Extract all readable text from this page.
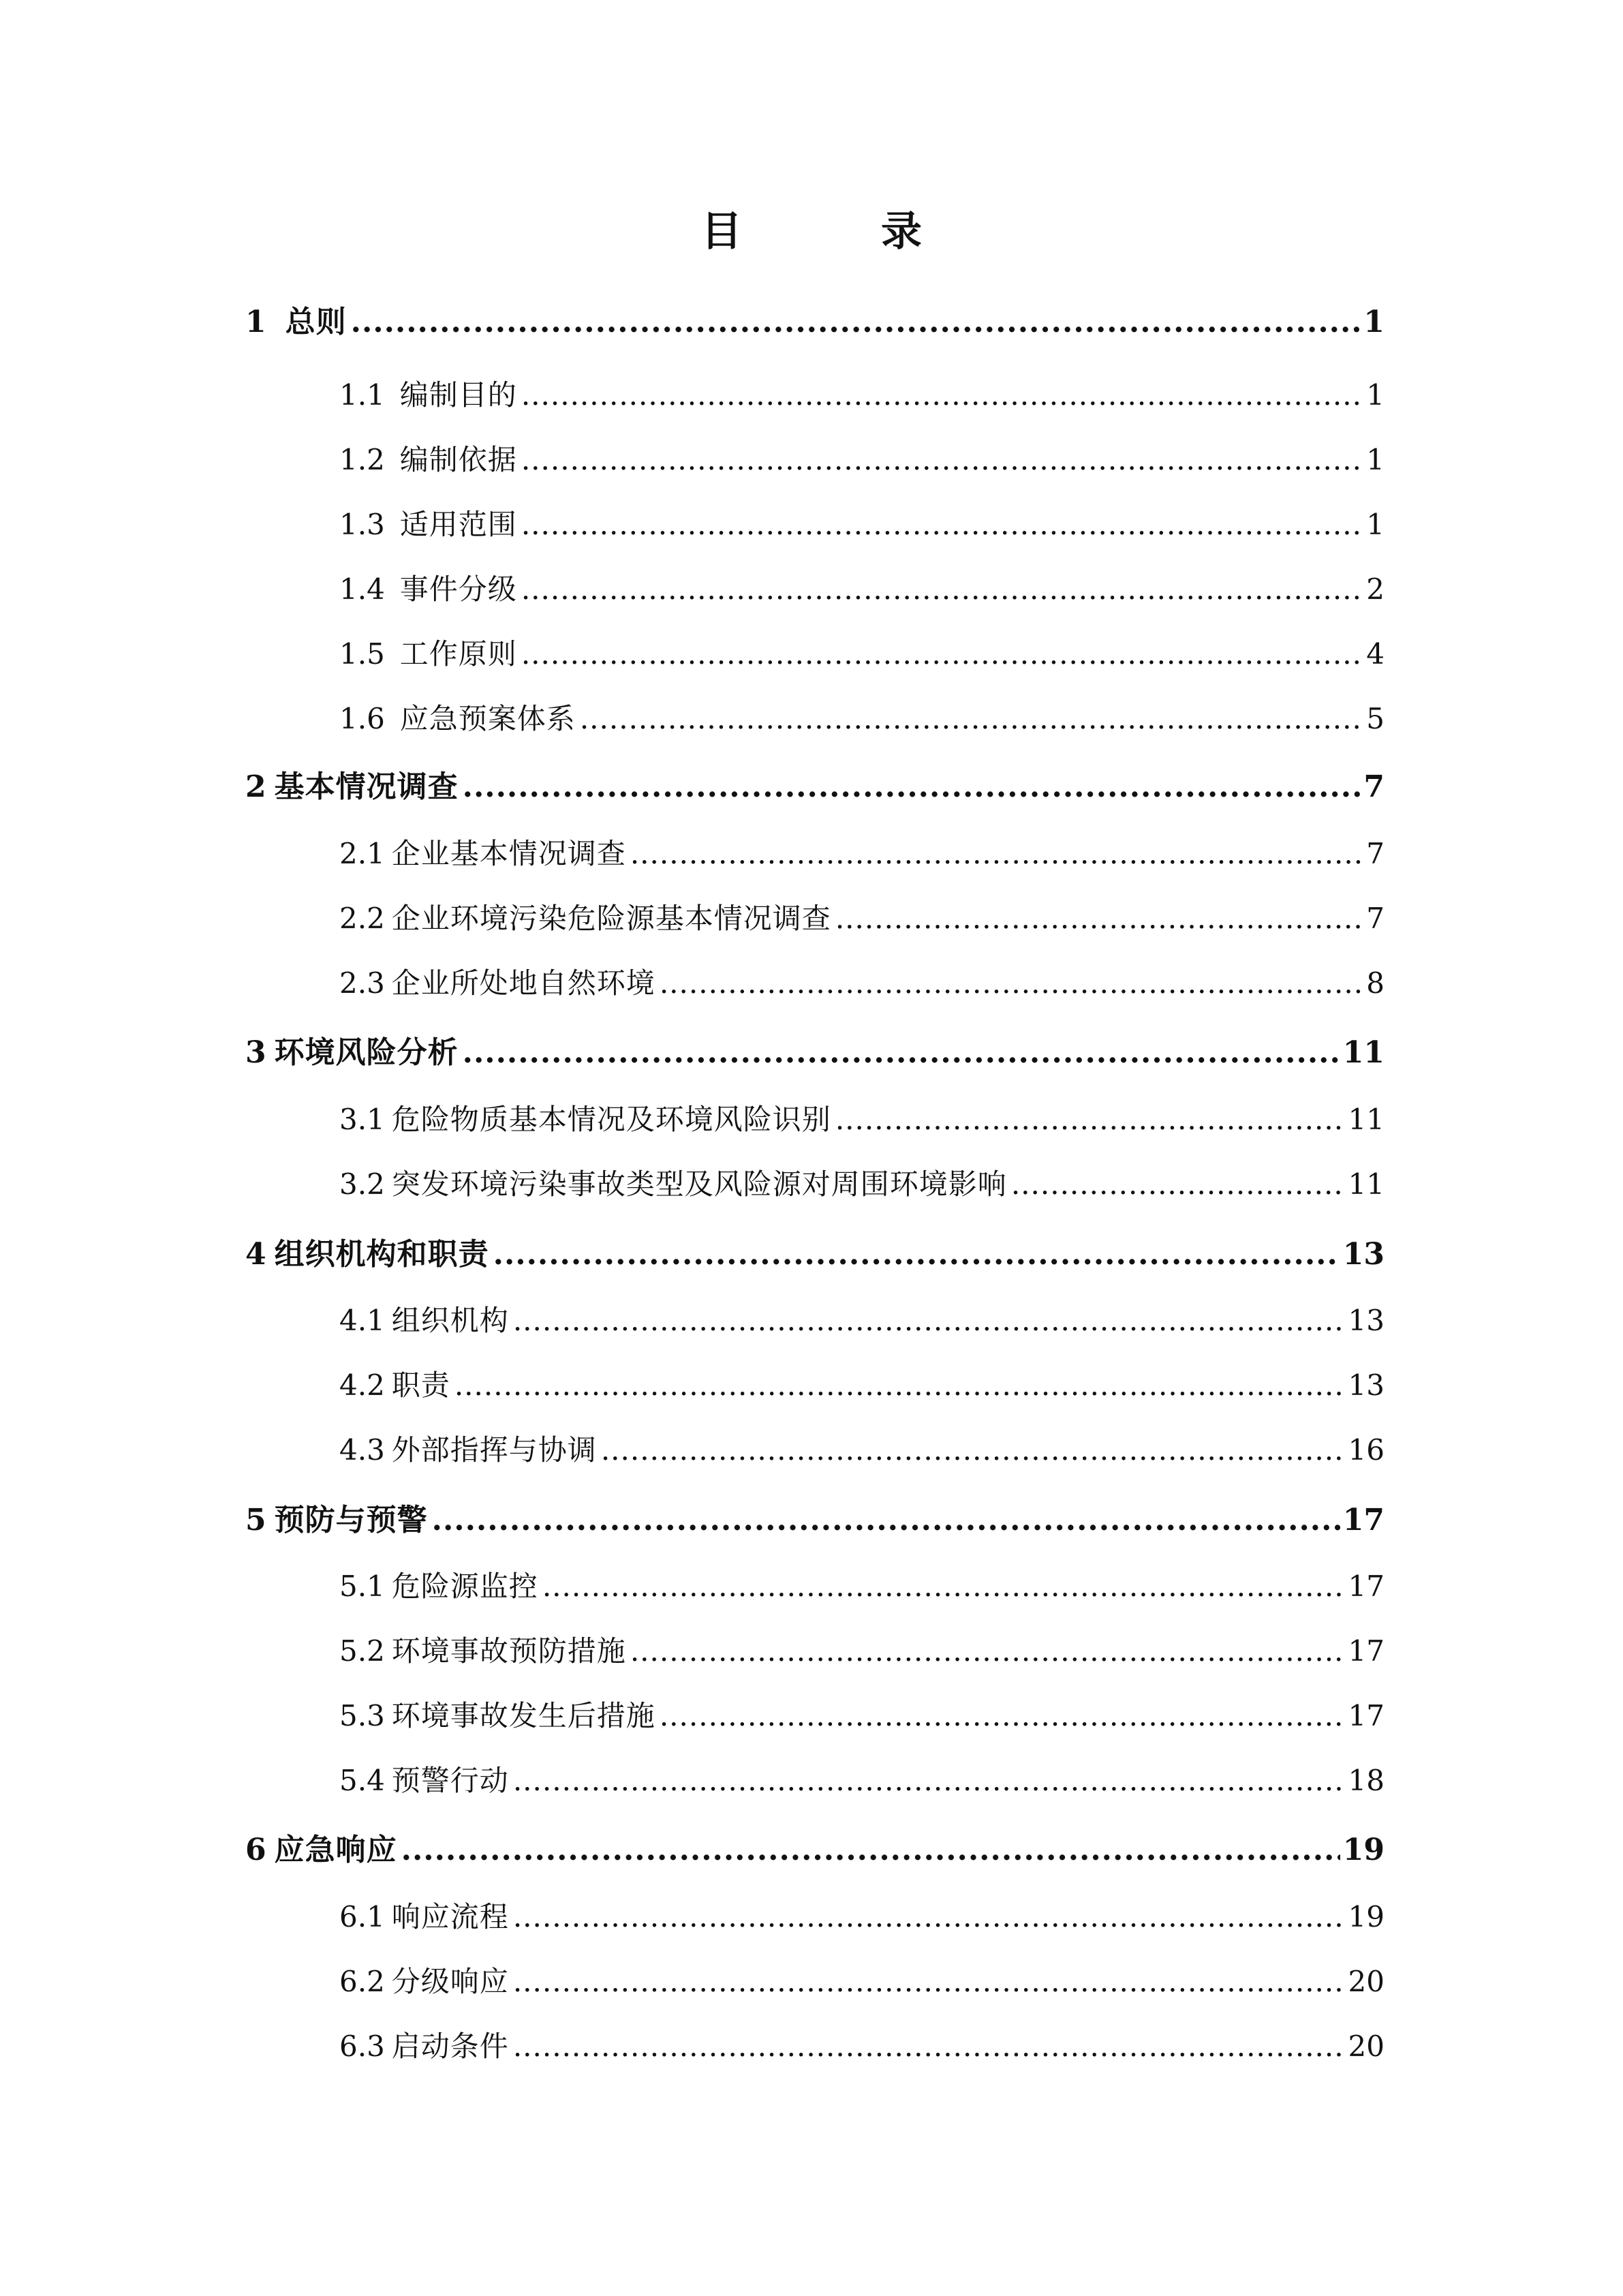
目　录
1 总则 .....	1
1.1 编制目的 .....	1
1.2 编制依据 .....	1
1.3 适用范围 .....	1
1.4 事件分级 .....	2
1.5 工作原则 .....	4
1.6 应急预案体系 .....	5
2 基本情况调查 .....	7
2.1 企业基本情况调查 .....	7
2.2 企业环境污染危险源基本情况调查 .....	7
2.3 企业所处地自然环境 .....	8
3 环境风险分析 .....	11
3.1 危险物质基本情况及环境风险识别 .....	11
3.2 突发环境污染事故类型及风险源对周围环境影响 .....	11
4 组织机构和职责 .....	13
4.1 组织机构 .....	13
4.2 职责 .....	13
4.3 外部指挥与协调 .....	16
5 预防与预警 .....	17
5.1 危险源监控 .....	17
5.2 环境事故预防措施 .....	17
5.3 环境事故发生后措施 .....	17
5.4 预警行动 .....	18
6 应急响应 .....	19
6.1 响应流程 .....	19
6.2 分级响应 .....	20
6.3 启动条件 .....	20
